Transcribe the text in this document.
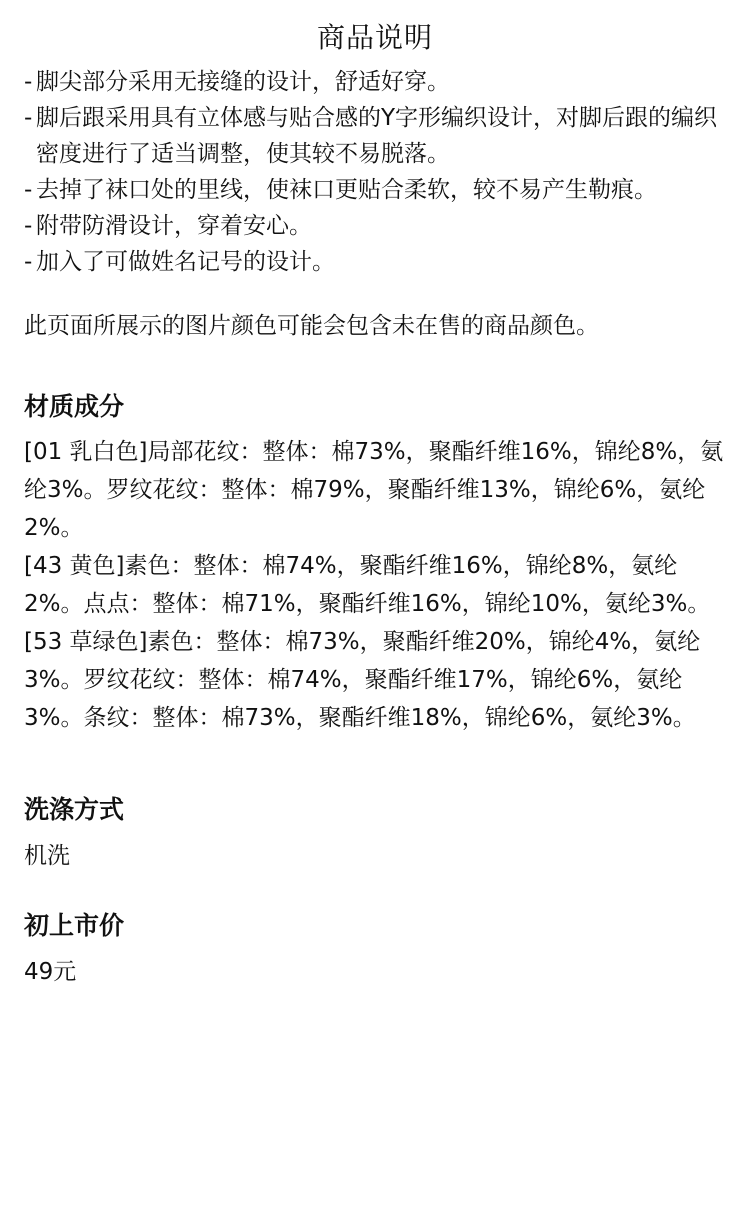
商品说明
- 脚尖部分采用无接缝的设计，舒适好穿。
- 脚后跟采用具有立体感与贴合感的Y字形编织设计，对脚后跟的编织密度进行了适当调整，使其较不易脱落。
- 去掉了袜口处的里线，使袜口更贴合柔软，较不易产生勒痕。
- 附带防滑设计，穿着安心。
- 加入了可做姓名记号的设计。

此页面所展示的图片颜色可能会包含未在售的商品颜色。

材质成分

[01 乳白色]局部花纹：整体：棉73%，聚酯纤维16%，锦纶8%，氨纶3%。罗纹花纹：整体：棉79%，聚酯纤维13%，锦纶6%，氨纶2%。

[43 黄色]素色：整体：棉74%，聚酯纤维16%，锦纶8%，氨纶2%。点点：整体：棉71%，聚酯纤维16%，锦纶10%，氨纶3%。

[53 草绿色]素色：整体：棉73%，聚酯纤维20%，锦纶4%，氨纶3%。罗纹花纹：整体：棉74%，聚酯纤维17%，锦纶6%，氨纶3%。条纹：整体：棉73%，聚酯纤维18%，锦纶6%，氨纶3%。

洗涤方式

机洗

初上市价

49元
